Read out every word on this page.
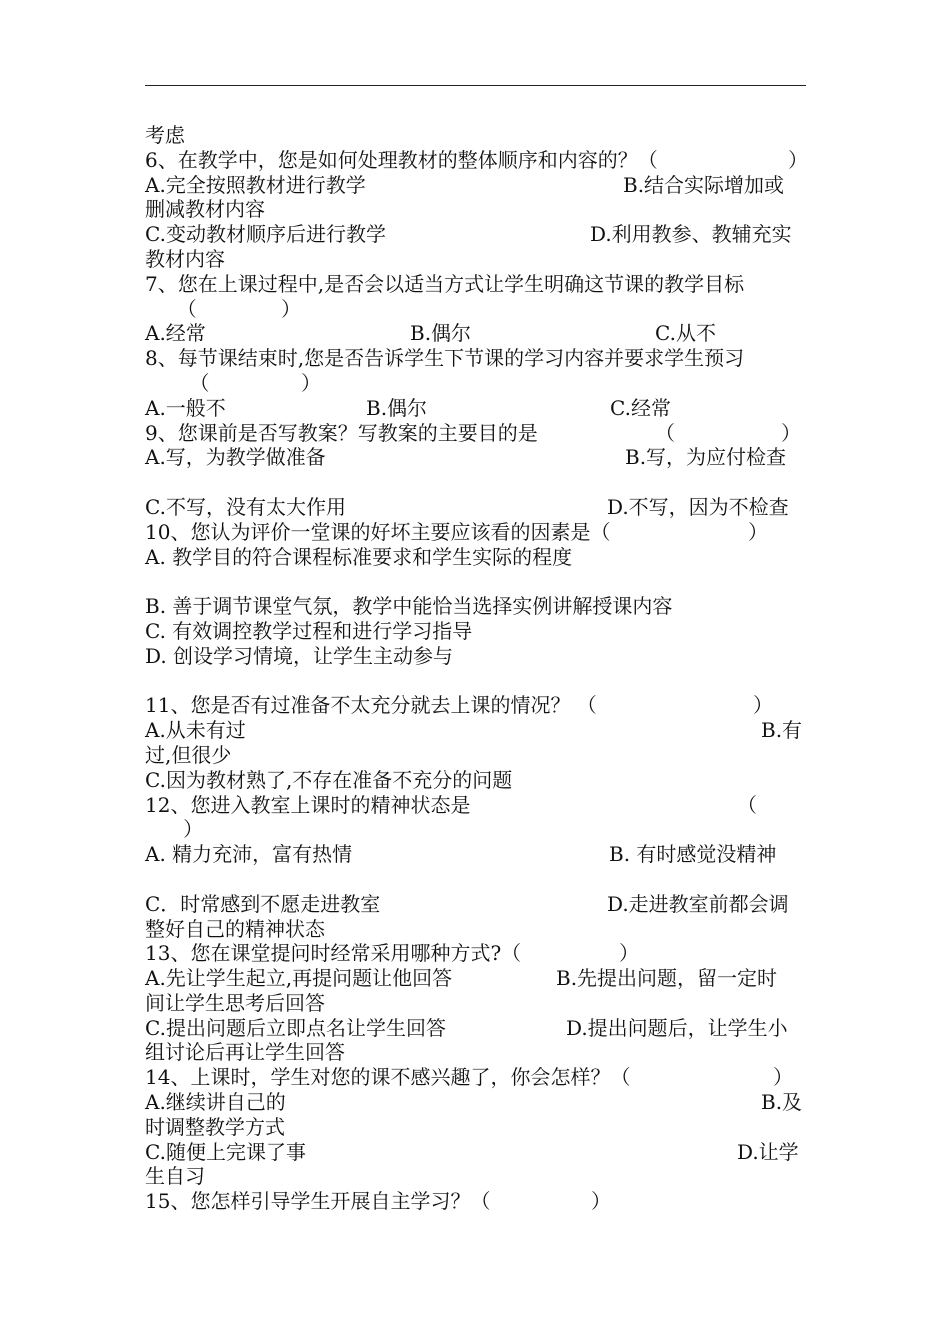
考虑
6、在教学中，您是如何处理教材的整体顺序和内容的？（	）
A.完全按照教材进行教学	B.结合实际增加或
删减教材内容
C.变动教材顺序后进行教学	D.利用教参、教辅充实
教材内容
7、您在上课过程中,是否会以适当方式让学生明确这节课的教学目标
（	）
A.经常	B.偶尔	C.从不
8、每节课结束时,您是否告诉学生下节课的学习内容并要求学生预习
（	）
A.一般不	B.偶尔	C.经常
9、您课前是否写教案？写教案的主要目的是	（	）
A.写，为教学做准备	B.写，为应付检查
C.不写，没有太大作用	D.不写，因为不检查
10、您认为评价一堂课的好坏主要应该看的因素是（	）
A. 教学目的符合课程标准要求和学生实际的程度
B. 善于调节课堂气氛，教学中能恰当选择实例讲解授课内容
C. 有效调控教学过程和进行学习指导
D. 创设学习情境，让学生主动参与
11、您是否有过准备不太充分就去上课的情况？ （	）
A.从未有过	B.有
过,但很少
C.因为教材熟了,不存在准备不充分的问题
12、您进入教室上课时的精神状态是	（
）
A. 精力充沛，富有热情	B. 有时感觉没精神
C．时常感到不愿走进教室	D.走进教室前都会调
整好自己的精神状态
13、您在课堂提问时经常采用哪种方式?（	）
A.先让学生起立,再提问题让他回答	B.先提出问题，留一定时
间让学生思考后回答
C.提出问题后立即点名让学生回答	D.提出问题后，让学生小
组讨论后再让学生回答
14、上课时，学生对您的课不感兴趣了，你会怎样？（	）
A.继续讲自己的	B.及
时调整教学方式
C.随便上完课了事	D.让学
生自习
15、您怎样引导学生开展自主学习？（	）
